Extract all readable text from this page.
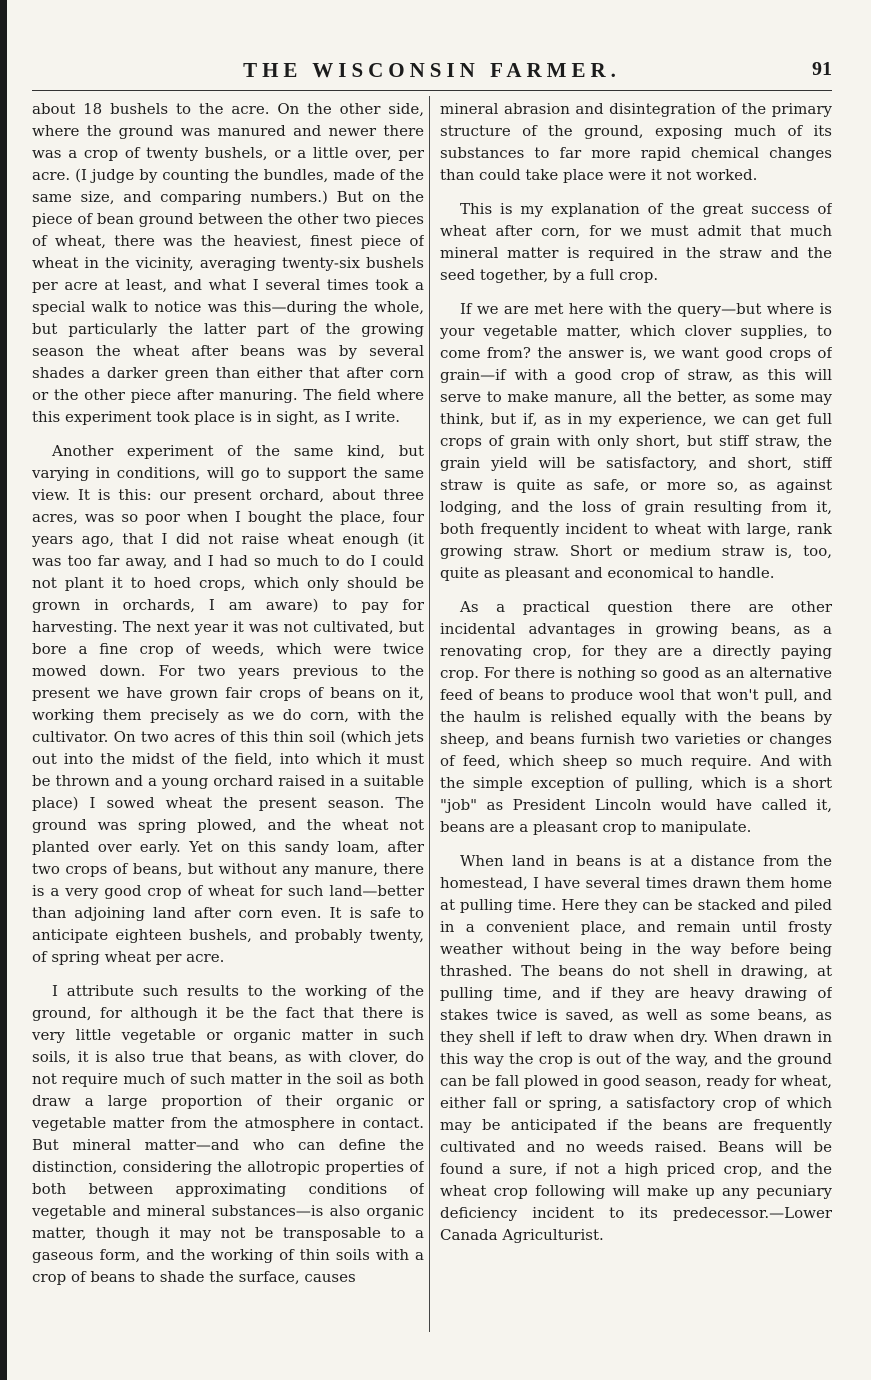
THE WISCONSIN FARMER.	91

about 18 bushels to the acre. On the other side, where the ground was manured and newer there was a crop of twenty bushels, or a little over, per acre. (I judge by counting the bundles, made of the same size, and comparing numbers.) But on the piece of bean ground between the other two pieces of wheat, there was the heaviest, finest piece of wheat in the vicinity, averaging twenty-six bushels per acre at least, and what I several times took a special walk to notice was this—during the whole, but particularly the latter part of the growing season the wheat after beans was by several shades a darker green than either that after corn or the other piece after manuring. The field where this experiment took place is in sight, as I write.

Another experiment of the same kind, but varying in conditions, will go to support the same view. It is this: our present orchard, about three acres, was so poor when I bought the place, four years ago, that I did not raise wheat enough (it was too far away, and I had so much to do I could not plant it to hoed crops, which only should be grown in orchards, I am aware) to pay for harvesting. The next year it was not cultivated, but bore a fine crop of weeds, which were twice mowed down. For two years previous to the present we have grown fair crops of beans on it, working them precisely as we do corn, with the cultivator. On two acres of this thin soil (which jets out into the midst of the field, into which it must be thrown and a young orchard raised in a suitable place) I sowed wheat the present season. The ground was spring plowed, and the wheat not planted over early. Yet on this sandy loam, after two crops of beans, but without any manure, there is a very good crop of wheat for such land—better than adjoining land after corn even. It is safe to anticipate eighteen bushels, and probably twenty, of spring wheat per acre.

I attribute such results to the working of the ground, for although it be the fact that there is very little vegetable or organic matter in such soils, it is also true that beans, as with clover, do not require much of such matter in the soil as both draw a large proportion of their organic or vegetable matter from the atmosphere in contact. But mineral matter—and who can define the distinction, considering the allotropic properties of both between approximating conditions of vegetable and mineral substances—is also organic matter, though it may not be transposable to a gaseous form, and the working of thin soils with a crop of beans to shade the surface, causes

mineral abrasion and disintegration of the primary structure of the ground, exposing much of its substances to far more rapid chemical changes than could take place were it not worked.

This is my explanation of the great success of wheat after corn, for we must admit that much mineral matter is required in the straw and the seed together, by a full crop.

If we are met here with the query—but where is your vegetable matter, which clover supplies, to come from? the answer is, we want good crops of grain—if with a good crop of straw, as this will serve to make manure, all the better, as some may think, but if, as in my experience, we can get full crops of grain with only short, but stiff straw, the grain yield will be satisfactory, and short, stiff straw is quite as safe, or more so, as against lodging, and the loss of grain resulting from it, both frequently incident to wheat with large, rank growing straw. Short or medium straw is, too, quite as pleasant and economical to handle.

As a practical question there are other incidental advantages in growing beans, as a renovating crop, for they are a directly paying crop. For there is nothing so good as an alternative feed of beans to produce wool that won't pull, and the haulm is relished equally with the beans by sheep, and beans furnish two varieties or changes of feed, which sheep so much require. And with the simple exception of pulling, which is a short "job" as President Lincoln would have called it, beans are a pleasant crop to manipulate.

When land in beans is at a distance from the homestead, I have several times drawn them home at pulling time. Here they can be stacked and piled in a convenient place, and remain until frosty weather without being in the way before being thrashed. The beans do not shell in drawing, at pulling time, and if they are heavy drawing of stakes twice is saved, as well as some beans, as they shell if left to draw when dry. When drawn in this way the crop is out of the way, and the ground can be fall plowed in good season, ready for wheat, either fall or spring, a satisfactory crop of which may be anticipated if the beans are frequently cultivated and no weeds raised. Beans will be found a sure, if not a high priced crop, and the wheat crop following will make up any pecuniary deficiency incident to its predecessor.—Lower Canada Agriculturist.
